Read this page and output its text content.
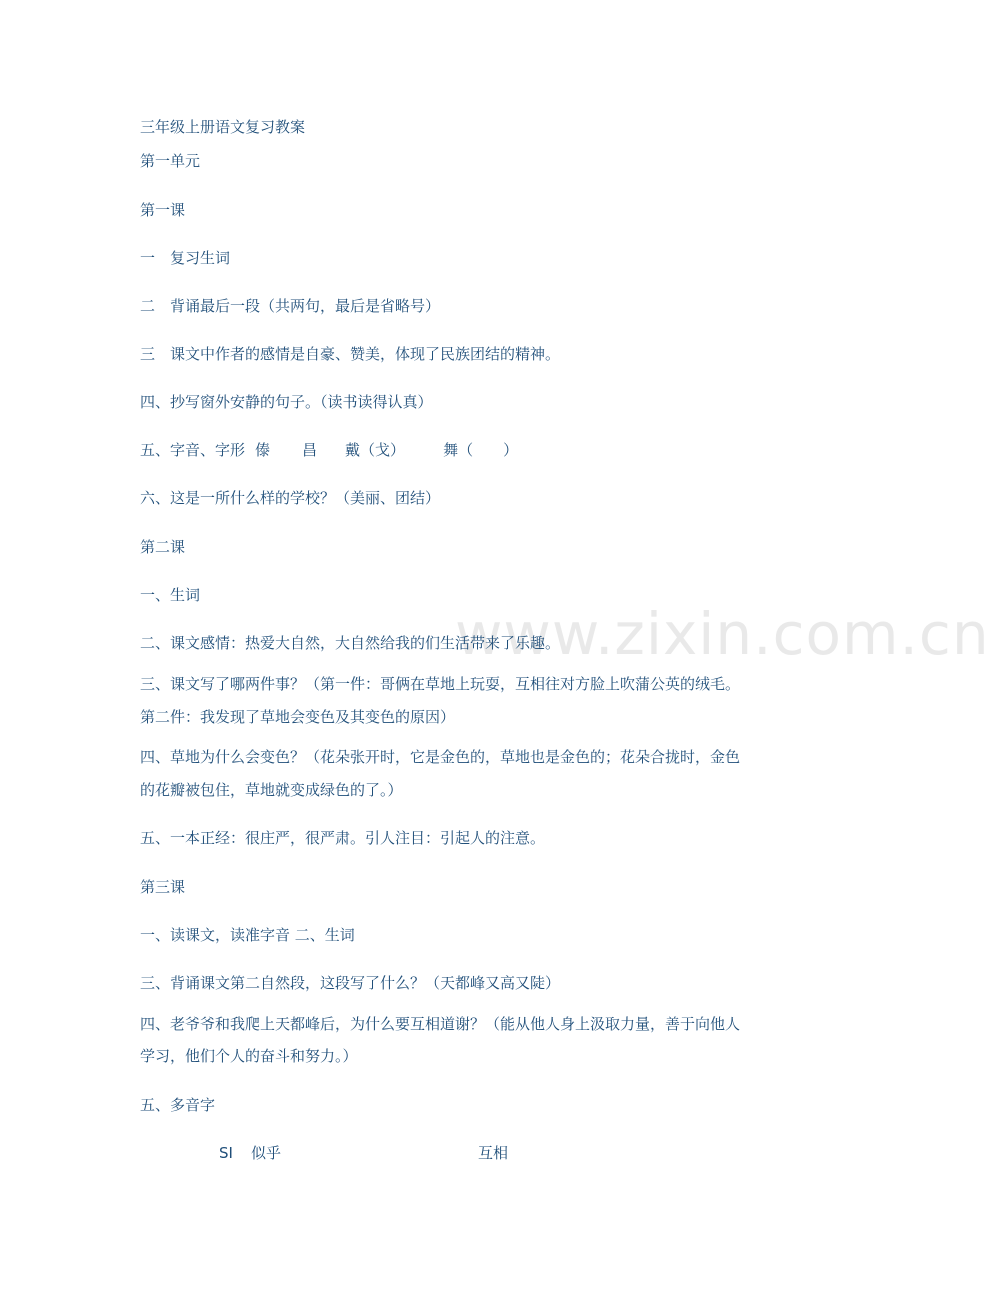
www.zixin.com.cn
三年级上册语文复习教案
第一单元
第一课
一　复习生词
二　背诵最后一段（共两句，最后是省略号）
三　课文中作者的感情是自豪、赞美，体现了民族团结的精神。
四、抄写窗外安静的句子。（读书读得认真）
五、字音、字形 傣 昌 戴（戈）	舞（ ）
六、这是一所什么样的学校？（美丽、团结）
第二课
一、生词
二、课文感情：热爱大自然，大自然给我的们生活带来了乐趣。
三、课文写了哪两件事？（第一件：哥俩在草地上玩耍，互相往对方脸上吹蒲公英的绒毛。
第二件：我发现了草地会变色及其变色的原因）
四、草地为什么会变色？（花朵张开时，它是金色的，草地也是金色的；花朵合拢时，金色
的花瓣被包住，草地就变成绿色的了。）
五、一本正经：很庄严，很严肃。引人注目：引起人的注意。
第三课
一、读课文，读准字音 二、生词
三、背诵课文第二自然段，这段写了什么？（天都峰又高又陡）
四、老爷爷和我爬上天都峰后，为什么要互相道谢？（能从他人身上汲取力量，善于向他人
学习，他们个人的奋斗和努力。）
五、多音字
SI 似乎	互相
